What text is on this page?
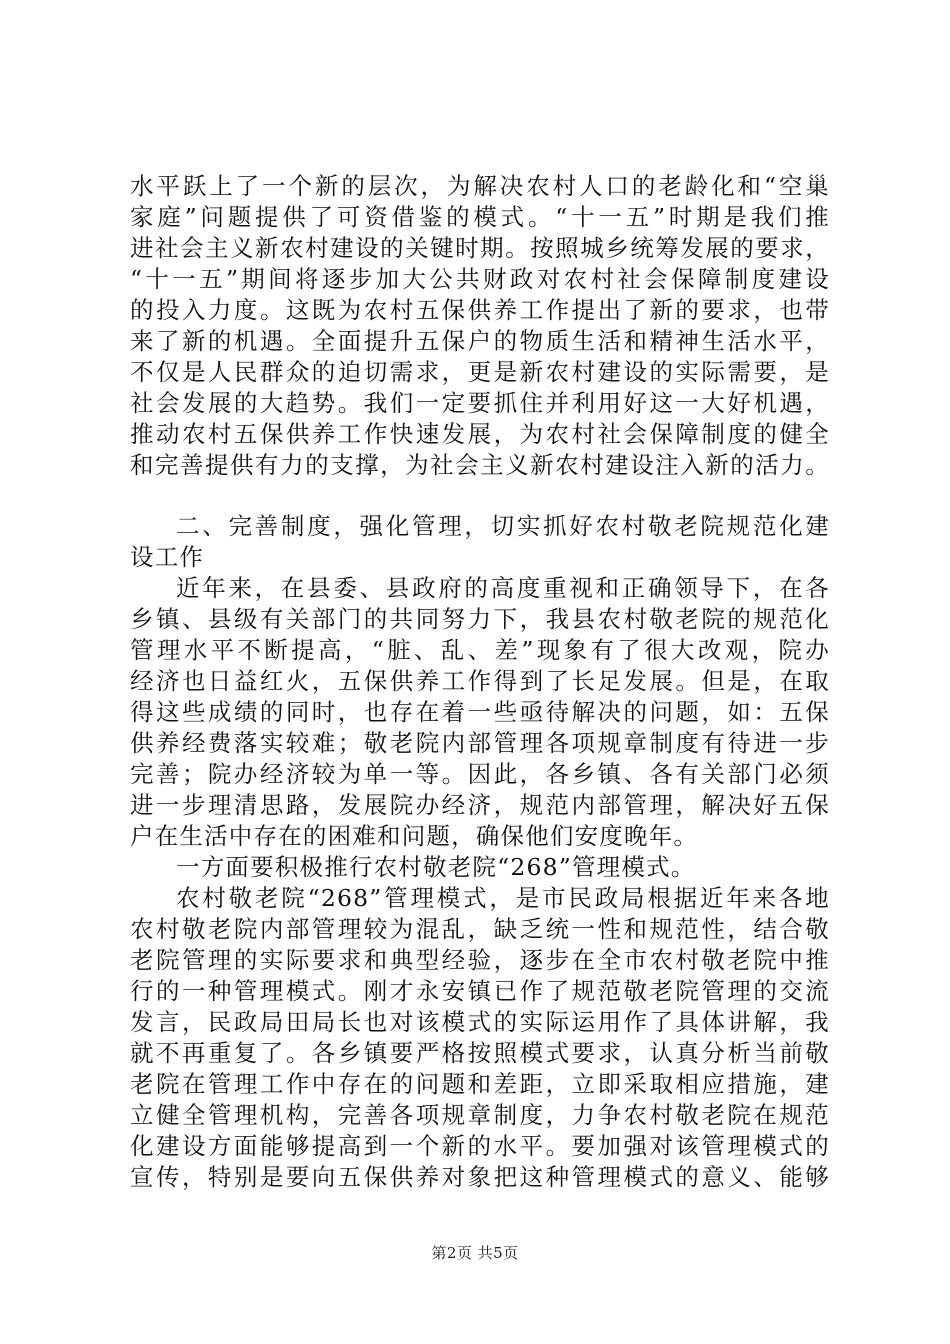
水平跃上了一个新的层次，为解决农村人口的老龄化和“空巢
家庭”问题提供了可资借鉴的模式。“十一五”时期是我们推
进社会主义新农村建设的关键时期。按照城乡统筹发展的要求，
“十一五”期间将逐步加大公共财政对农村社会保障制度建设
的投入力度。这既为农村五保供养工作提出了新的要求，也带
来了新的机遇。全面提升五保户的物质生活和精神生活水平，
不仅是人民群众的迫切需求，更是新农村建设的实际需要，是
社会发展的大趋势。我们一定要抓住并利用好这一大好机遇，
推动农村五保供养工作快速发展，为农村社会保障制度的健全
和完善提供有力的支撑，为社会主义新农村建设注入新的活力。
二、完善制度，强化管理，切实抓好农村敬老院规范化建
设工作
近年来，在县委、县政府的高度重视和正确领导下，在各
乡镇、县级有关部门的共同努力下，我县农村敬老院的规范化
管理水平不断提高，“脏、乱、差”现象有了很大改观，院办
经济也日益红火，五保供养工作得到了长足发展。但是，在取
得这些成绩的同时，也存在着一些亟待解决的问题，如：五保
供养经费落实较难；敬老院内部管理各项规章制度有待进一步
完善；院办经济较为单一等。因此，各乡镇、各有关部门必须
进一步理清思路，发展院办经济，规范内部管理，解决好五保
户在生活中存在的困难和问题，确保他们安度晚年。
一方面要积极推行农村敬老院“268”管理模式。
农村敬老院“268”管理模式，是市民政局根据近年来各地
农村敬老院内部管理较为混乱，缺乏统一性和规范性，结合敬
老院管理的实际要求和典型经验，逐步在全市农村敬老院中推
行的一种管理模式。刚才永安镇已作了规范敬老院管理的交流
发言，民政局田局长也对该模式的实际运用作了具体讲解，我
就不再重复了。各乡镇要严格按照模式要求，认真分析当前敬
老院在管理工作中存在的问题和差距，立即采取相应措施，建
立健全管理机构，完善各项规章制度，力争农村敬老院在规范
化建设方面能够提高到一个新的水平。要加强对该管理模式的
宣传，特别是要向五保供养对象把这种管理模式的意义、能够
第2页 共5页
